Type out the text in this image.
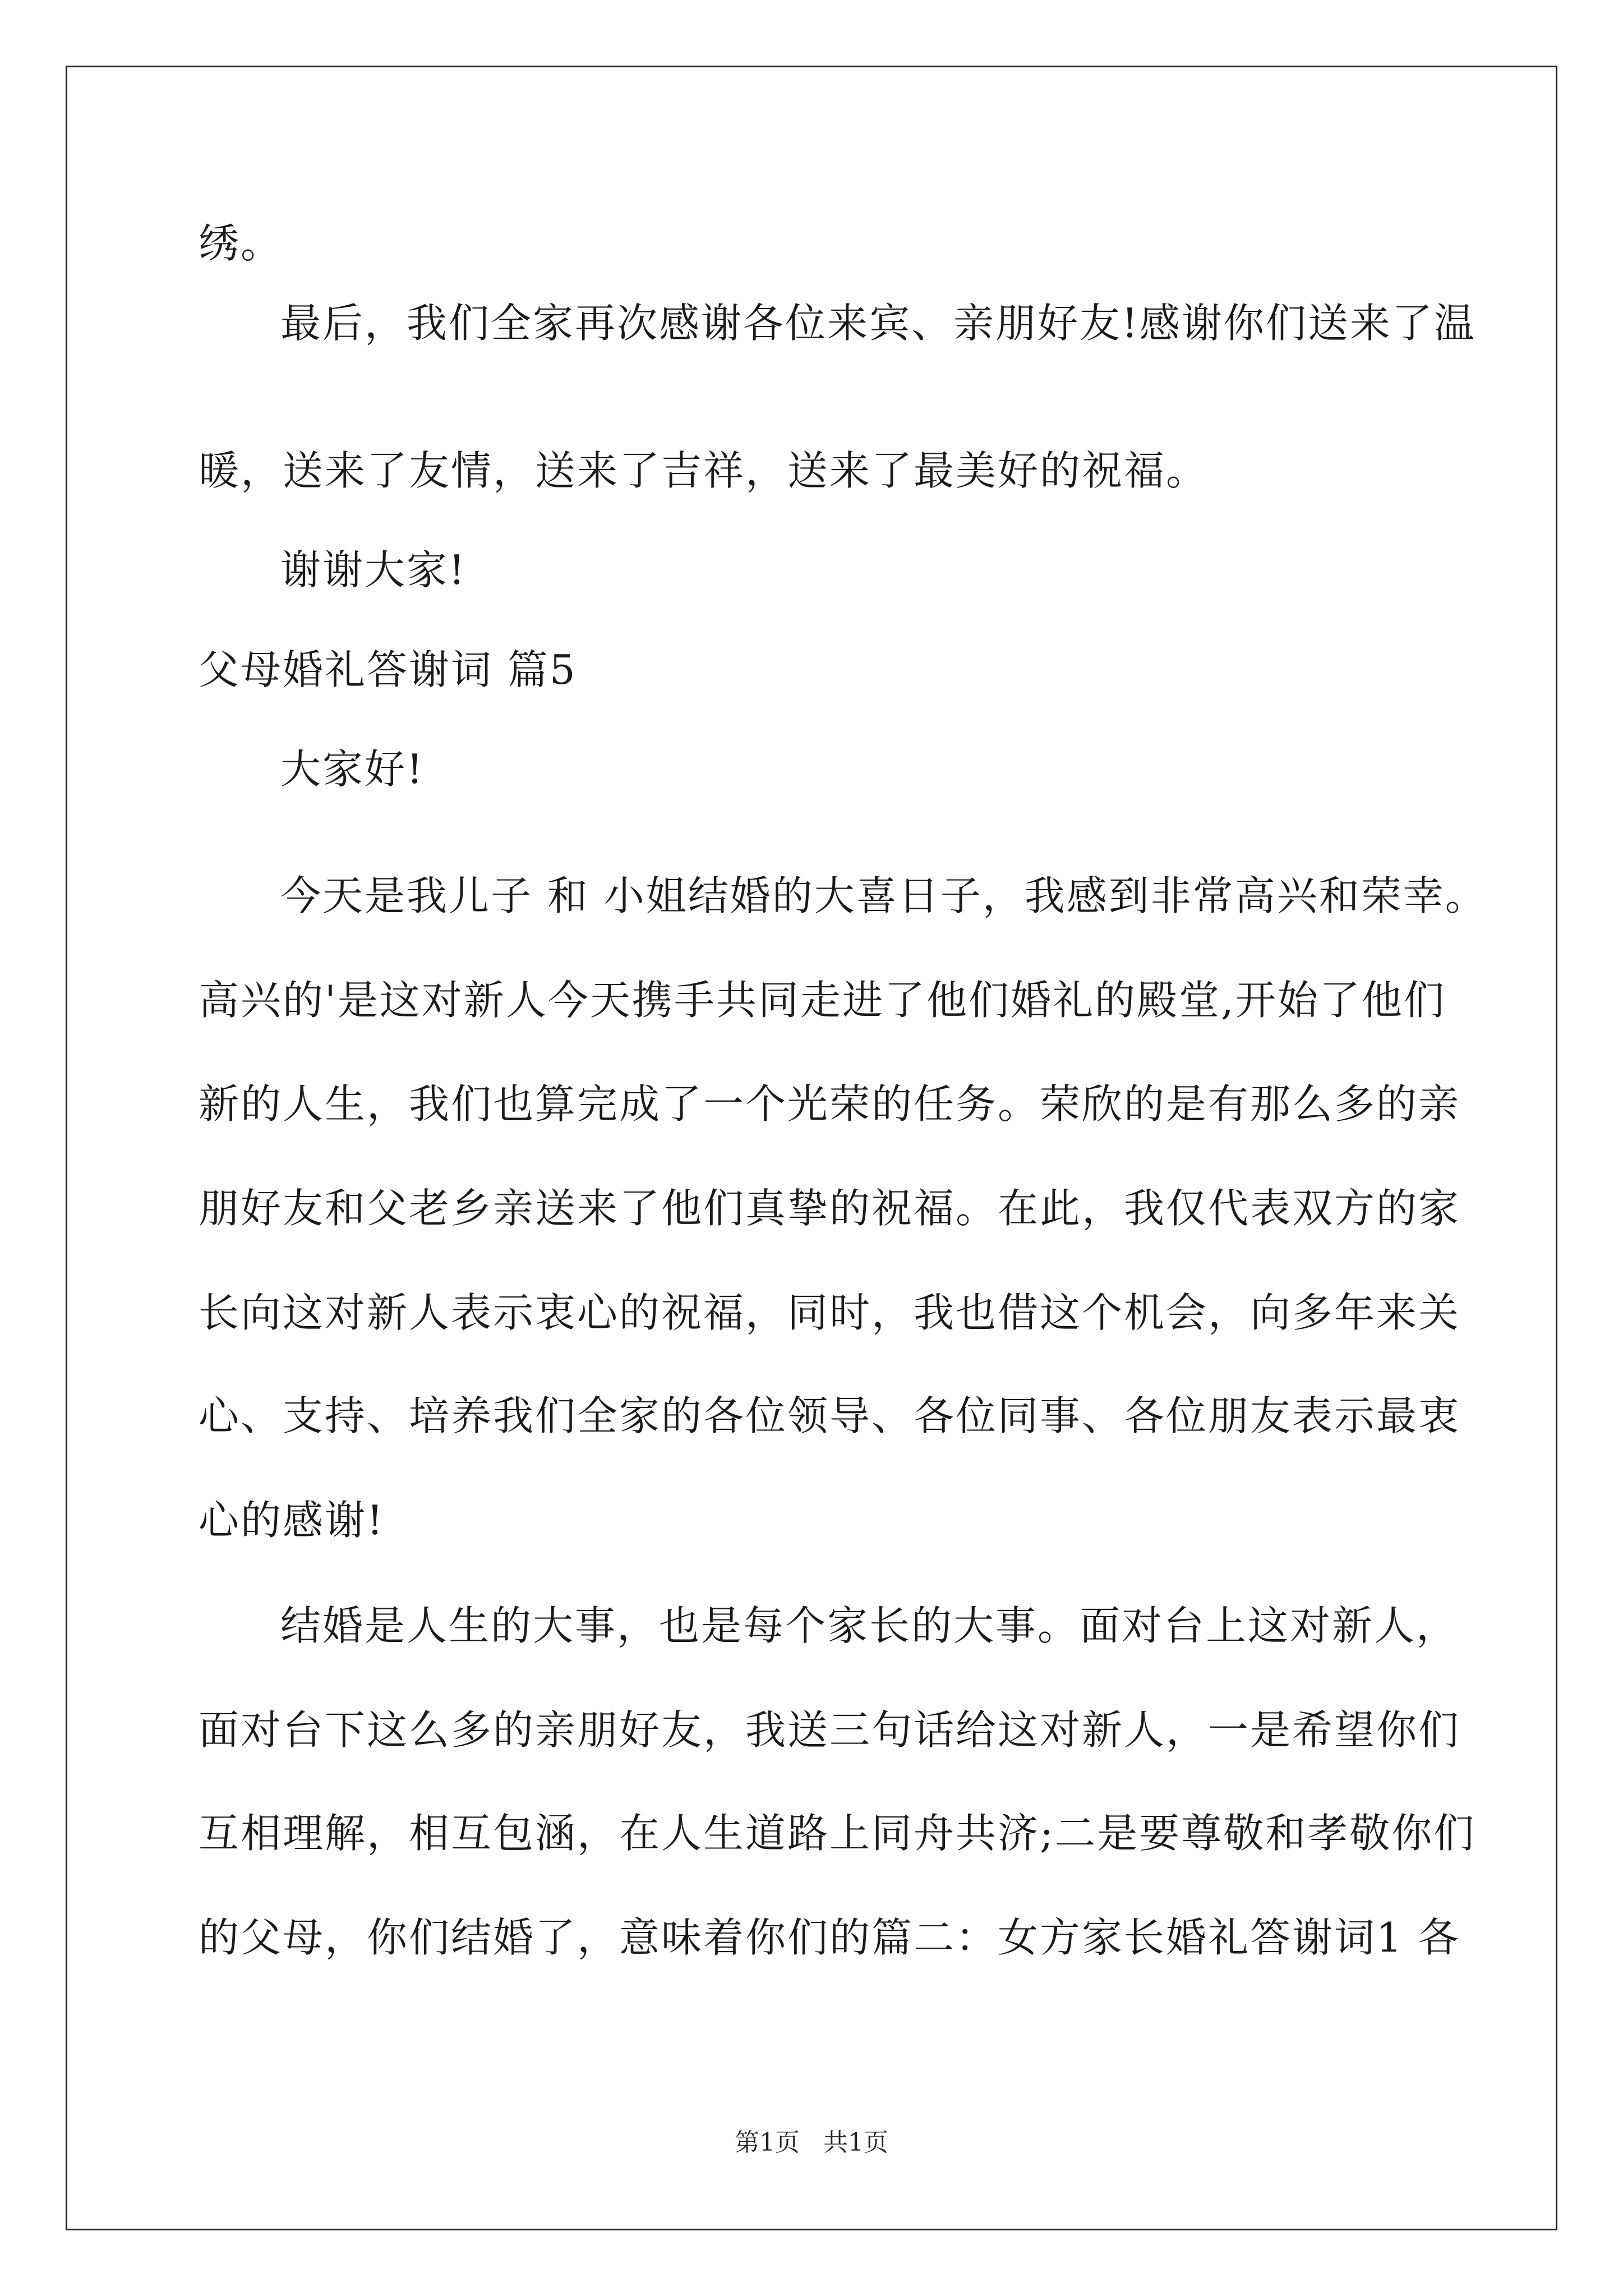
绣。
最后，我们全家再次感谢各位来宾、亲朋好友!感谢你们送来了温
暖，送来了友情，送来了吉祥，送来了最美好的祝福。
谢谢大家!
父母婚礼答谢词 篇5
大家好!
今天是我儿子 和 小姐结婚的大喜日子，我感到非常高兴和荣幸。
高兴的'是这对新人今天携手共同走进了他们婚礼的殿堂,开始了他们
新的人生，我们也算完成了一个光荣的任务。荣欣的是有那么多的亲
朋好友和父老乡亲送来了他们真挚的祝福。在此，我仅代表双方的家
长向这对新人表示衷心的祝福，同时，我也借这个机会，向多年来关
心、支持、培养我们全家的各位领导、各位同事、各位朋友表示最衷
心的感谢!
结婚是人生的大事，也是每个家长的大事。面对台上这对新人，
面对台下这么多的亲朋好友，我送三句话给这对新人，一是希望你们
互相理解，相互包涵，在人生道路上同舟共济;二是要尊敬和孝敬你们
的父母，你们结婚了，意味着你们的篇二：女方家长婚礼答谢词1 各
第1页   共1页
